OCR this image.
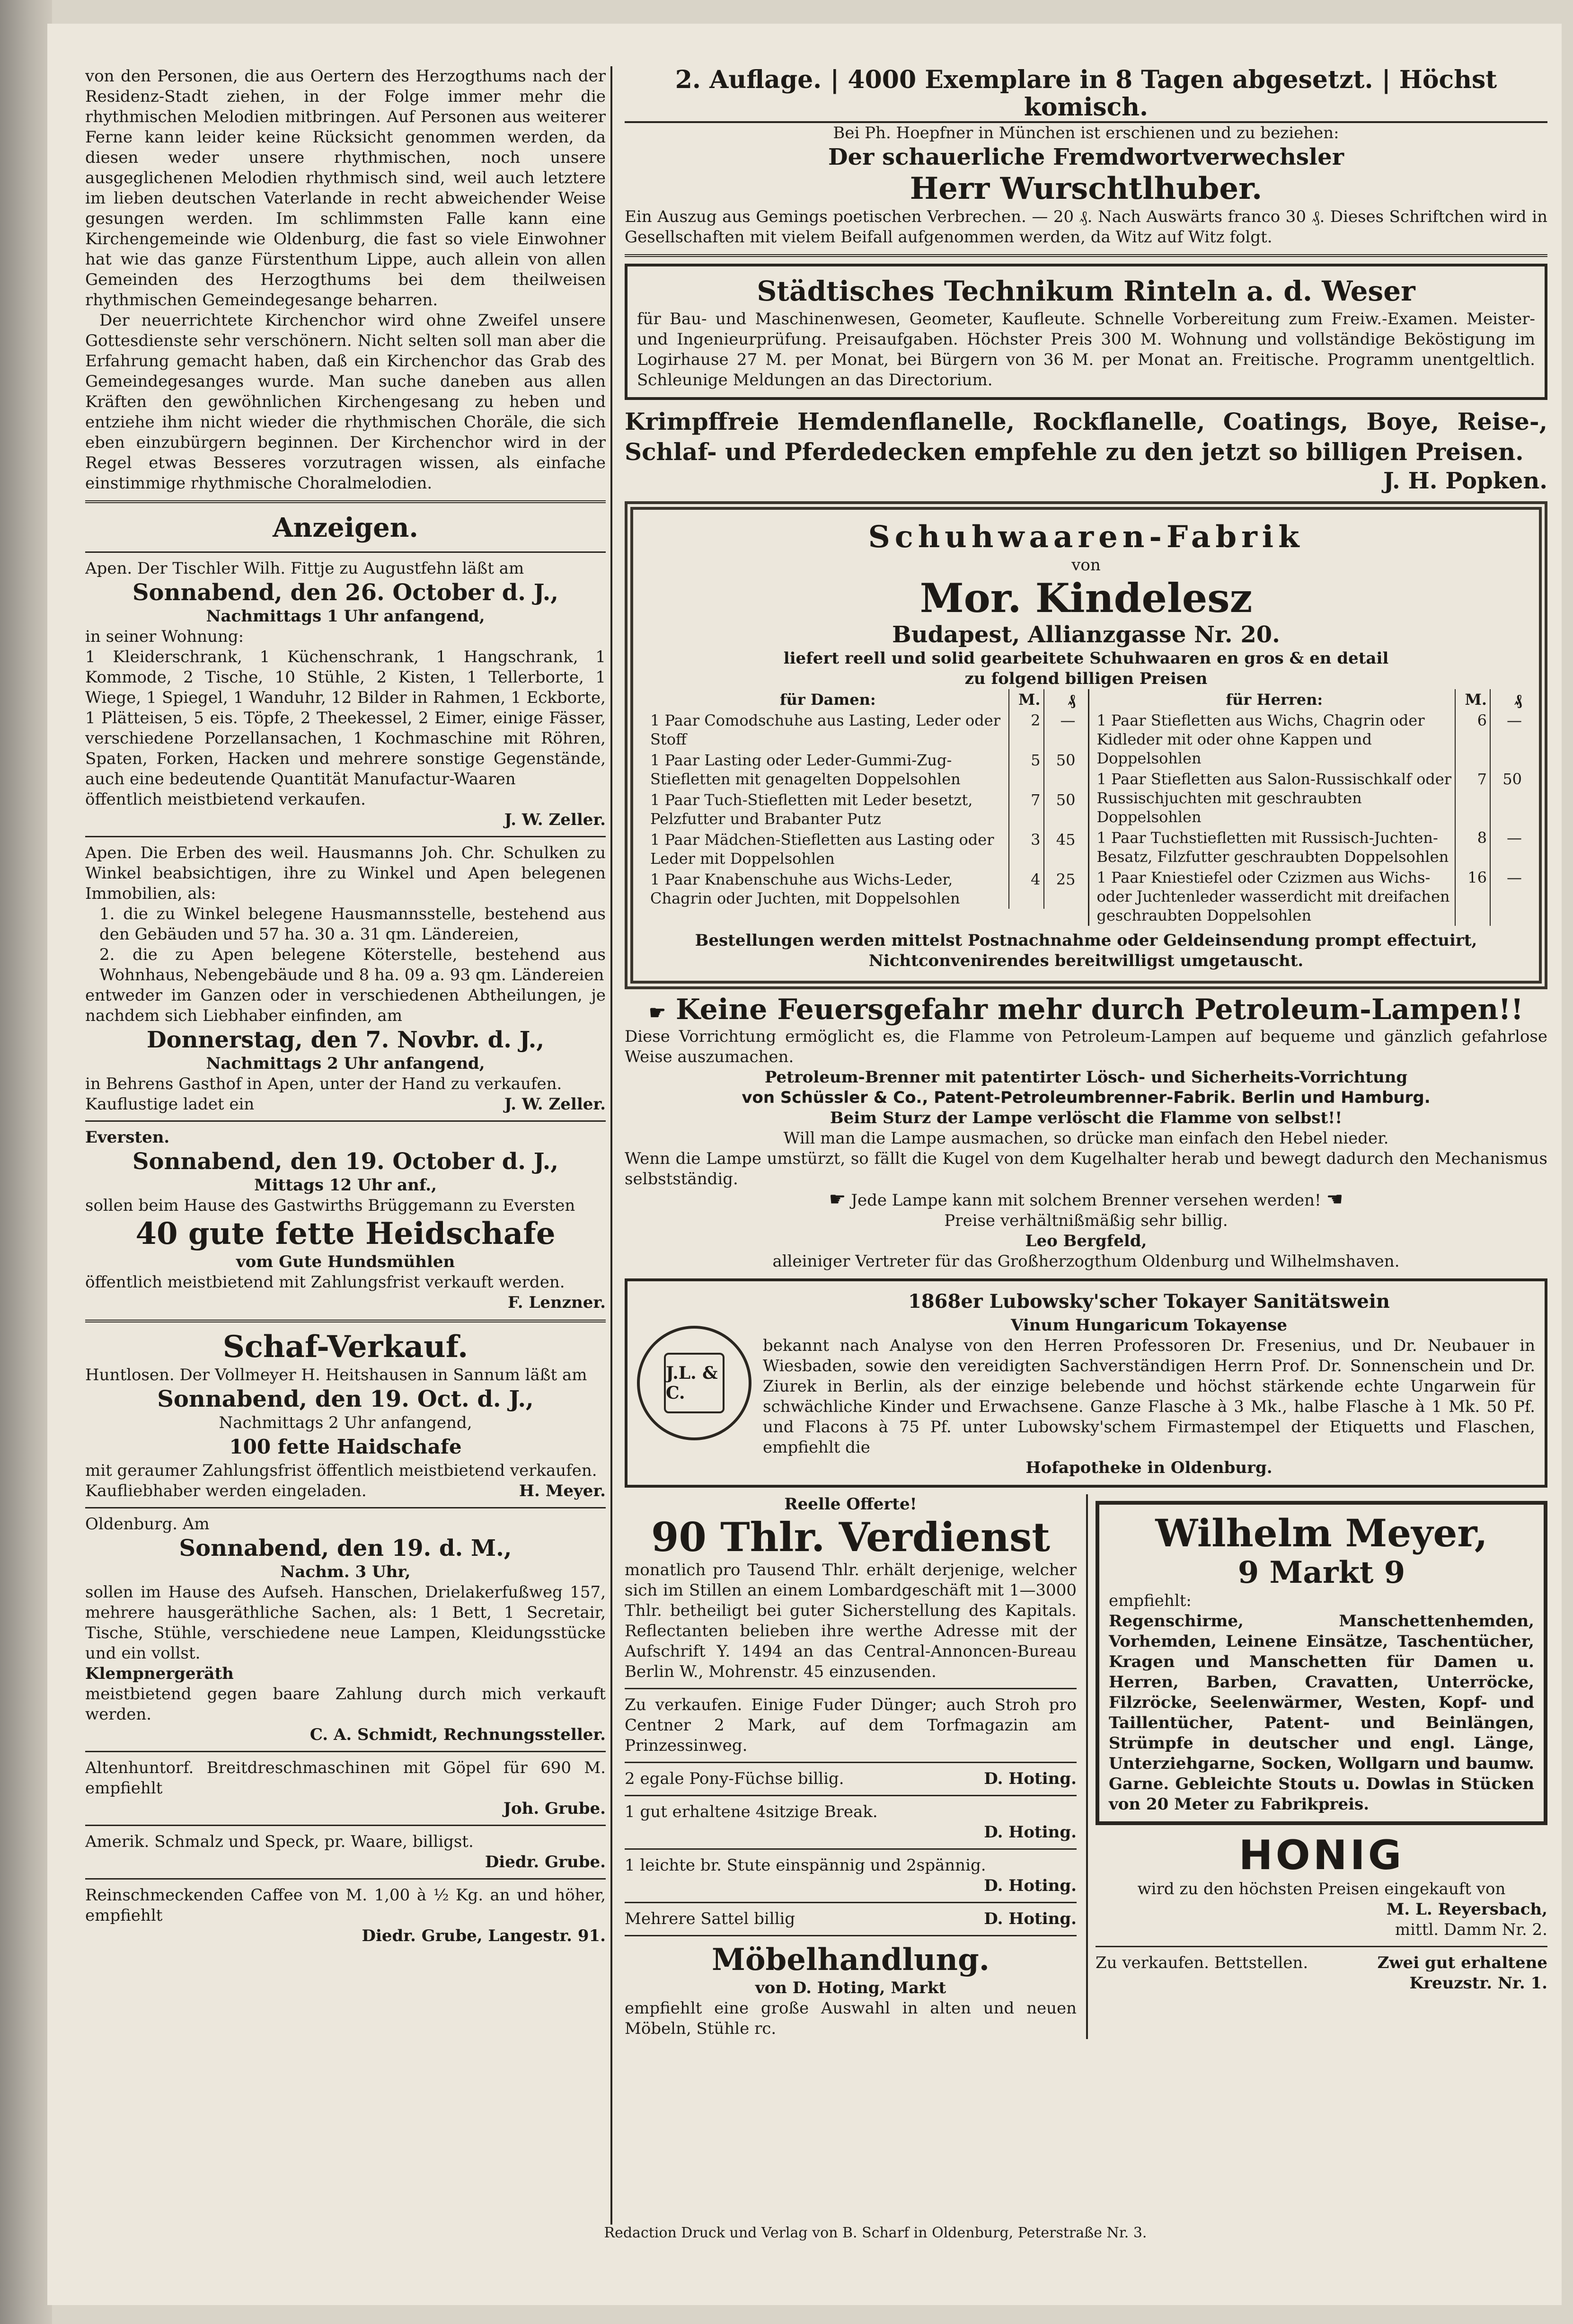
von den Personen, die aus Oertern des Herzogthums nach der Residenz-Stadt ziehen, in der Folge immer mehr die rhythmischen Melodien mitbringen. Auf Personen aus weiterer Ferne kann leider keine Rücksicht genommen werden, da diesen weder unsere rhythmischen, noch unsere ausgeglichenen Melodien rhythmisch sind, weil auch letztere im lieben deutschen Vaterlande in recht abweichender Weise gesungen werden. Im schlimmsten Falle kann eine Kirchengemeinde wie Oldenburg, die fast so viele Einwohner hat wie das ganze Fürstenthum Lippe, auch allein von allen Gemeinden des Herzogthums bei dem theilweisen rhythmischen Gemeindegesange beharren.

Der neuerrichtete Kirchenchor wird ohne Zweifel unsere Gottesdienste sehr verschönern. Nicht selten soll man aber die Erfahrung gemacht haben, daß ein Kirchenchor das Grab des Gemeindegesanges wurde. Man suche daneben aus allen Kräften den gewöhnlichen Kirchengesang zu heben und entziehe ihm nicht wieder die rhythmischen Choräle, die sich eben einzubürgern beginnen. Der Kirchenchor wird in der Regel etwas Besseres vorzutragen wissen, als einfache einstimmige rhythmische Choralmelodien.

Anzeigen.

Apen. Der Tischler Wilh. Fittje zu Augustfehn läßt am

Sonnabend, den 26. October d. J.,
Nachmittags 1 Uhr anfangend,

in seiner Wohnung:

1 Kleiderschrank, 1 Küchenschrank, 1 Hangschrank, 1 Kommode, 2 Tische, 10 Stühle, 2 Kisten, 1 Tellerborte, 1 Wiege, 1 Spiegel, 1 Wanduhr, 12 Bilder in Rahmen, 1 Eckborte, 1 Plätteisen, 5 eis. Töpfe, 2 Theekessel, 2 Eimer, einige Fässer, verschiedene Porzellansachen, 1 Kochmaschine mit Röhren, Spaten, Forken, Hacken und mehrere sonstige Gegenstände, auch eine bedeutende Quantität Manufactur-Waaren

öffentlich meistbietend verkaufen.

J. W. Zeller.

Apen. Die Erben des weil. Hausmanns Joh. Chr. Schulken zu Winkel beabsichtigen, ihre zu Winkel und Apen belegenen Immobilien, als:

1. die zu Winkel belegene Hausmannsstelle, bestehend aus den Gebäuden und 57 ha. 30 a. 31 qm. Ländereien,

2. die zu Apen belegene Köterstelle, bestehend aus Wohnhaus, Nebengebäude und 8 ha. 09 a. 93 qm. Ländereien

entweder im Ganzen oder in verschiedenen Abtheilungen, je nachdem sich Liebhaber einfinden, am

Donnerstag, den 7. Novbr. d. J.,
Nachmittags 2 Uhr anfangend,

in Behrens Gasthof in Apen, unter der Hand zu verkaufen.

Kauflustige ladet ein	J. W. Zeller.

Eversten.

Sonnabend, den 19. October d. J.,
Mittags 12 Uhr anf.,

sollen beim Hause des Gastwirths Brüggemann zu Eversten

40 gute fette Heidschafe
vom Gute Hundsmühlen

öffentlich meistbietend mit Zahlungsfrist verkauft werden.

F. Lenzner.

Schaf-Verkauf.

Huntlosen. Der Vollmeyer H. Heitshausen in Sannum läßt am

Sonnabend, den 19. Oct. d. J.,
Nachmittags 2 Uhr anfangend,
100 fette Haidschafe

mit geraumer Zahlungsfrist öffentlich meistbietend verkaufen.

Kaufliebhaber werden eingeladen.	H. Meyer.

Oldenburg. Am

Sonnabend, den 19. d. M.,
Nachm. 3 Uhr,

sollen im Hause des Aufseh. Hanschen, Drielakerfußweg 157, mehrere hausgeräthliche Sachen, als: 1 Bett, 1 Secretair, Tische, Stühle, verschiedene neue Lampen, Kleidungsstücke und ein vollst.

Klempnergeräth

meistbietend gegen baare Zahlung durch mich verkauft werden.

C. A. Schmidt, Rechnungssteller.

Altenhuntorf. Breitdreschmaschinen mit Göpel für 690 M. empfiehlt

Joh. Grube.

Amerik. Schmalz und Speck, pr. Waare, billigst.

Diedr. Grube.

Reinschmeckenden Caffee von M. 1,00 à ½ Kg. an und höher, empfiehlt

Diedr. Grube, Langestr. 91.

2. Auflage. | 4000 Exemplare in 8 Tagen abgesetzt. | Höchst komisch.

Bei Ph. Hoepfner in München ist erschienen und zu beziehen:

Der schauerliche Fremdwortverwechsler
Herr Wurschtlhuber.

Ein Auszug aus Gemings poetischen Verbrechen. — 20 ₰. Nach Auswärts franco 30 ₰. Dieses Schriftchen wird in Gesellschaften mit vielem Beifall aufgenommen werden, da Witz auf Witz folgt.

Städtisches Technikum Rinteln a. d. Weser

für Bau- und Maschinenwesen, Geometer, Kaufleute. Schnelle Vorbereitung zum Freiw.-Examen. Meister- und Ingenieurprüfung. Preisaufgaben. Höchster Preis 300 M. Wohnung und vollständige Beköstigung im Logirhause 27 M. per Monat, bei Bürgern von 36 M. per Monat an. Freitische. Programm unentgeltlich. Schleunige Meldungen an das Directorium.

Krimpffreie Hemdenflanelle, Rockflanelle, Coatings, Boye, Reise-, Schlaf- und Pferdedecken empfehle zu den jetzt so billigen Preisen.

J. H. Popken.

Schuhwaaren-Fabrik
von
Mor. Kindelesz
Budapest, Allianzgasse Nr. 20.
liefert reell und solid gearbeitete Schuhwaaren en gros & en detail
zu folgend billigen Preisen
für Damen:	M.	₰
1 Paar Comodschuhe aus Lasting, Leder oder Stoff	2	—
1 Paar Lasting oder Leder-Gummi-Zug-Stiefletten mit genagelten Doppelsohlen	5	50
1 Paar Tuch-Stiefletten mit Leder besetzt, Pelzfutter und Brabanter Putz	7	50
1 Paar Mädchen-Stiefletten aus Lasting oder Leder mit Doppelsohlen	3	45
1 Paar Knabenschuhe aus Wichs-Leder, Chagrin oder Juchten, mit Doppelsohlen	4	25
für Herren:	M.	₰
1 Paar Stiefletten aus Wichs, Chagrin oder Kidleder mit oder ohne Kappen und Doppelsohlen	6	—
1 Paar Stiefletten aus Salon-Russischkalf oder Russischjuchten mit geschraubten Doppelsohlen	7	50
1 Paar Tuchstiefletten mit Russisch-Juchten-Besatz, Filzfutter geschraubten Doppelsohlen	8	—
1 Paar Kniestiefel oder Czizmen aus Wichs- oder Juchtenleder wasserdicht mit dreifachen geschraubten Doppelsohlen	16	—

Bestellungen werden mittelst Postnachnahme oder Geldeinsendung prompt effectuirt, Nichtconvenirendes bereitwilligst umgetauscht.

☛ Keine Feuersgefahr mehr durch Petroleum-Lampen!!

Diese Vorrichtung ermöglicht es, die Flamme von Petroleum-Lampen auf bequeme und gänzlich gefahrlose Weise auszumachen.

Petroleum-Brenner mit patentirter Lösch- und Sicherheits-Vorrichtung

von Schüssler & Co., Patent-Petroleumbrenner-Fabrik. Berlin und Hamburg.

Beim Sturz der Lampe verlöscht die Flamme von selbst!!

Will man die Lampe ausmachen, so drücke man einfach den Hebel nieder.

Wenn die Lampe umstürzt, so fällt die Kugel von dem Kugelhalter herab und bewegt dadurch den Mechanismus selbstständig.

☛ Jede Lampe kann mit solchem Brenner versehen werden! ☚

Preise verhältnißmäßig sehr billig.

Leo Bergfeld,

alleiniger Vertreter für das Großherzogthum Oldenburg und Wilhelmshaven.

J.L. & C.
1868er Lubowsky'scher Tokayer Sanitätswein
Vinum Hungaricum Tokayense

bekannt nach Analyse von den Herren Professoren Dr. Fresenius, und Dr. Neubauer in Wiesbaden, sowie den vereidigten Sachverständigen Herrn Prof. Dr. Sonnenschein und Dr. Ziurek in Berlin, als der einzige belebende und höchst stärkende echte Ungarwein für schwächliche Kinder und Erwachsene. Ganze Flasche à 3 Mk., halbe Flasche à 1 Mk. 50 Pf. und Flacons à 75 Pf. unter Lubowsky'schem Firmastempel der Etiquetts und Flaschen, empfiehlt die

Hofapotheke in Oldenburg.

Reelle Offerte!
90 Thlr. Verdienst

monatlich pro Tausend Thlr. erhält derjenige, welcher sich im Stillen an einem Lombardgeschäft mit 1—3000 Thlr. betheiligt bei guter Sicherstellung des Kapitals. Reflectanten belieben ihre werthe Adresse mit der Aufschrift Y. 1494 an das Central-Annoncen-Bureau Berlin W., Mohrenstr. 45 einzusenden.

Zu verkaufen. Einige Fuder Dünger; auch Stroh pro Centner 2 Mark, auf dem Torfmagazin am Prinzessinweg.

2 egale Pony-Füchse billig.	D. Hoting.

1 gut erhaltene 4sitzige Break.

D. Hoting.

1 leichte br. Stute einspännig und 2spännig.

D. Hoting.

Mehrere Sattel billig	D. Hoting.
Möbelhandlung.

von D. Hoting, Markt

empfiehlt eine große Auswahl in alten und neuen Möbeln, Stühle rc.

Wilhelm Meyer,
9 Markt 9

empfiehlt:

Regenschirme, Manschettenhemden, Vorhemden, Leinene Einsätze, Taschentücher, Kragen und Manschetten für Damen u. Herren, Barben, Cravatten, Unterröcke, Filzröcke, Seelenwärmer, Westen, Kopf- und Taillentücher, Patent- und Beinlängen, Strümpfe in deutscher und engl. Länge, Unterziehgarne, Socken, Wollgarn und baumw. Garne. Gebleichte Stouts u. Dowlas in Stücken von 20 Meter zu Fabrikpreis.

HONIG

wird zu den höchsten Preisen eingekauft von

M. L. Reyersbach,

mittl. Damm Nr. 2.

Zu verkaufen. Bettstellen.	Zwei gut erhaltene Kreuzstr. Nr. 1.
Redaction Druck und Verlag von B. Scharf in Oldenburg, Peterstraße Nr. 3.
